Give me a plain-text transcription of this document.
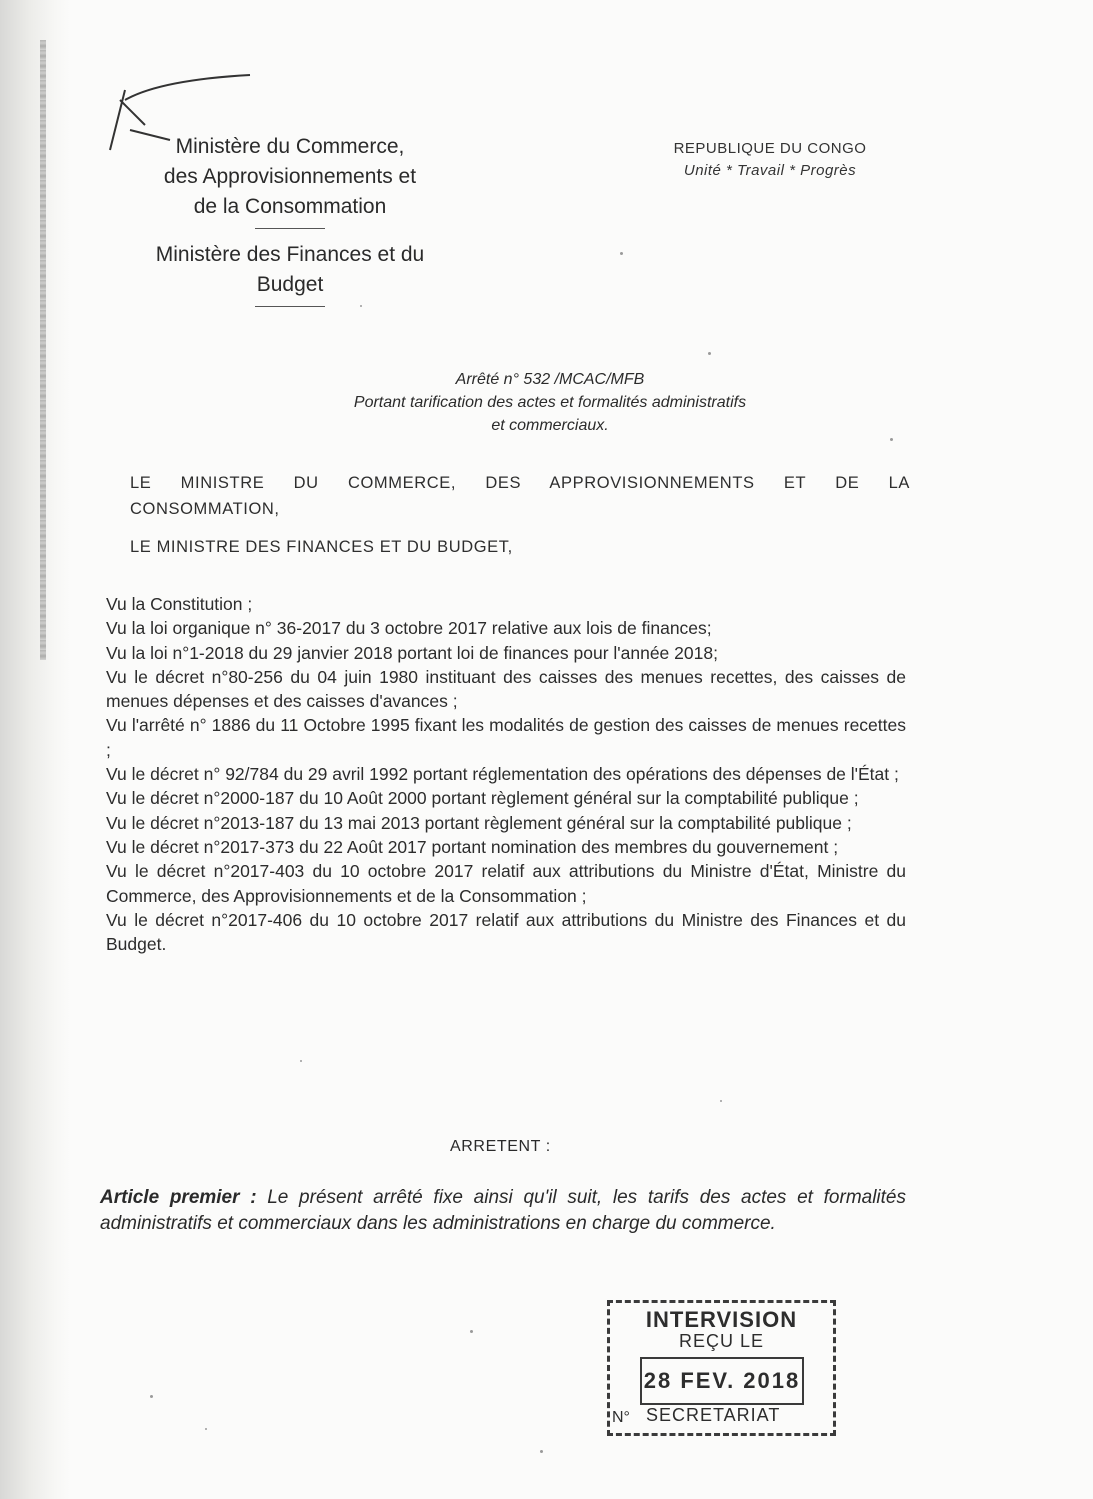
Ministère du Commerce,
des Approvisionnements et
de la Consommation
Ministère des Finances et du
Budget
REPUBLIQUE DU CONGO
Unité * Travail * Progrès
Arrêté n° 532 /MCAC/MFB
Portant tarification des actes et formalités administratifs
et commerciaux.
LE MINISTRE DU COMMERCE, DES APPROVISIONNEMENTS ET DE LA
CONSOMMATION,
LE MINISTRE DES FINANCES ET DU BUDGET,

Vu la Constitution ;

Vu la loi organique n° 36-2017 du 3 octobre 2017 relative aux lois de finances;

Vu la loi n°1-2018 du 29 janvier 2018 portant loi de finances pour l'année 2018;

Vu le décret n°80-256 du 04 juin 1980 instituant des caisses des menues recettes, des caisses de menues dépenses et des caisses d'avances ;

Vu l'arrêté n° 1886 du 11 Octobre 1995 fixant les modalités de gestion des caisses de menues recettes ;

Vu le décret n° 92/784 du 29 avril 1992 portant réglementation des opérations des dépenses de l'État ;

Vu le décret n°2000-187 du 10 Août 2000 portant règlement général sur la comptabilité publique ;

Vu le décret n°2013-187 du 13 mai 2013 portant règlement général sur la comptabilité publique ;

Vu le décret n°2017-373 du 22 Août 2017 portant nomination des membres du gouvernement ;

Vu le décret n°2017-403 du 10 octobre 2017 relatif aux attributions du Ministre d'État, Ministre du Commerce, des Approvisionnements et de la Consommation ;

Vu le décret n°2017-406 du 10 octobre 2017 relatif aux attributions du Ministre des Finances et du Budget.

ARRETENT :
Article premier : Le présent arrêté fixe ainsi qu'il suit, les tarifs des actes et formalités administratifs et commerciaux dans les administrations en charge du commerce.
INTERVISION
REÇU LE
28 FEV. 2018
N° SECRETARIAT
